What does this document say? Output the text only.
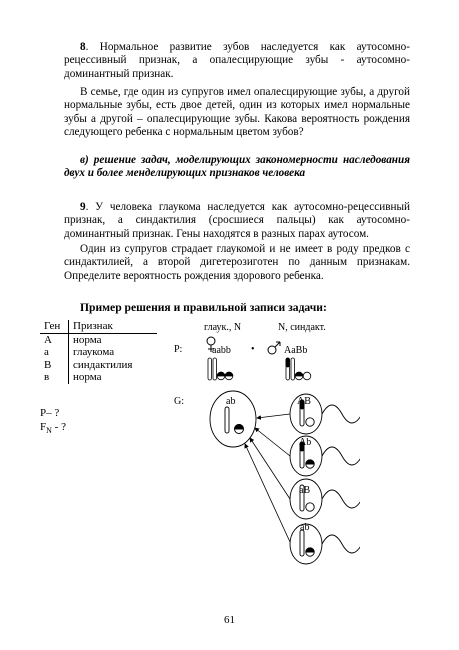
8. Нормальное развитие зубов наследуется как аутосомно-рецессивный признак, а опалесцирующие зубы - аутосомно-доминантный признак.

В семье, где один из супругов имел опалесцирующие зубы, а другой нормальные зубы, есть двое детей, один из которых имел нормальные зубы а другой – опалесцирующие зубы. Какова вероятность рождения следующего ребенка с нормальным цветом зубов?

в) решение задач, моделирующих закономерности наследования двух и более менделирующих признаков человека

9. У человека глаукома наследуется как аутосомно-рецессивный признак, а синдактилия (сросшиеся пальцы) как аутосомно-доминантный признак. Гены находятся в разных парах аутосом.

Один из супругов страдает глаукомой и не имеет в роду предков с синдактилией, а второй дигетерозиготен по данным признакам. Определите вероятность рождения здорового ребенка.

Пример решения и правильной записи задачи:

Ген	Признак
А	норма
а	глаукома
В	синдактилия
в	норма

P– ?

$F_N$ - ?

глаук., N	N, синдакт.
P:
G:
aabb •	AaBb
ab	AB
Ab
aB
ab
61
